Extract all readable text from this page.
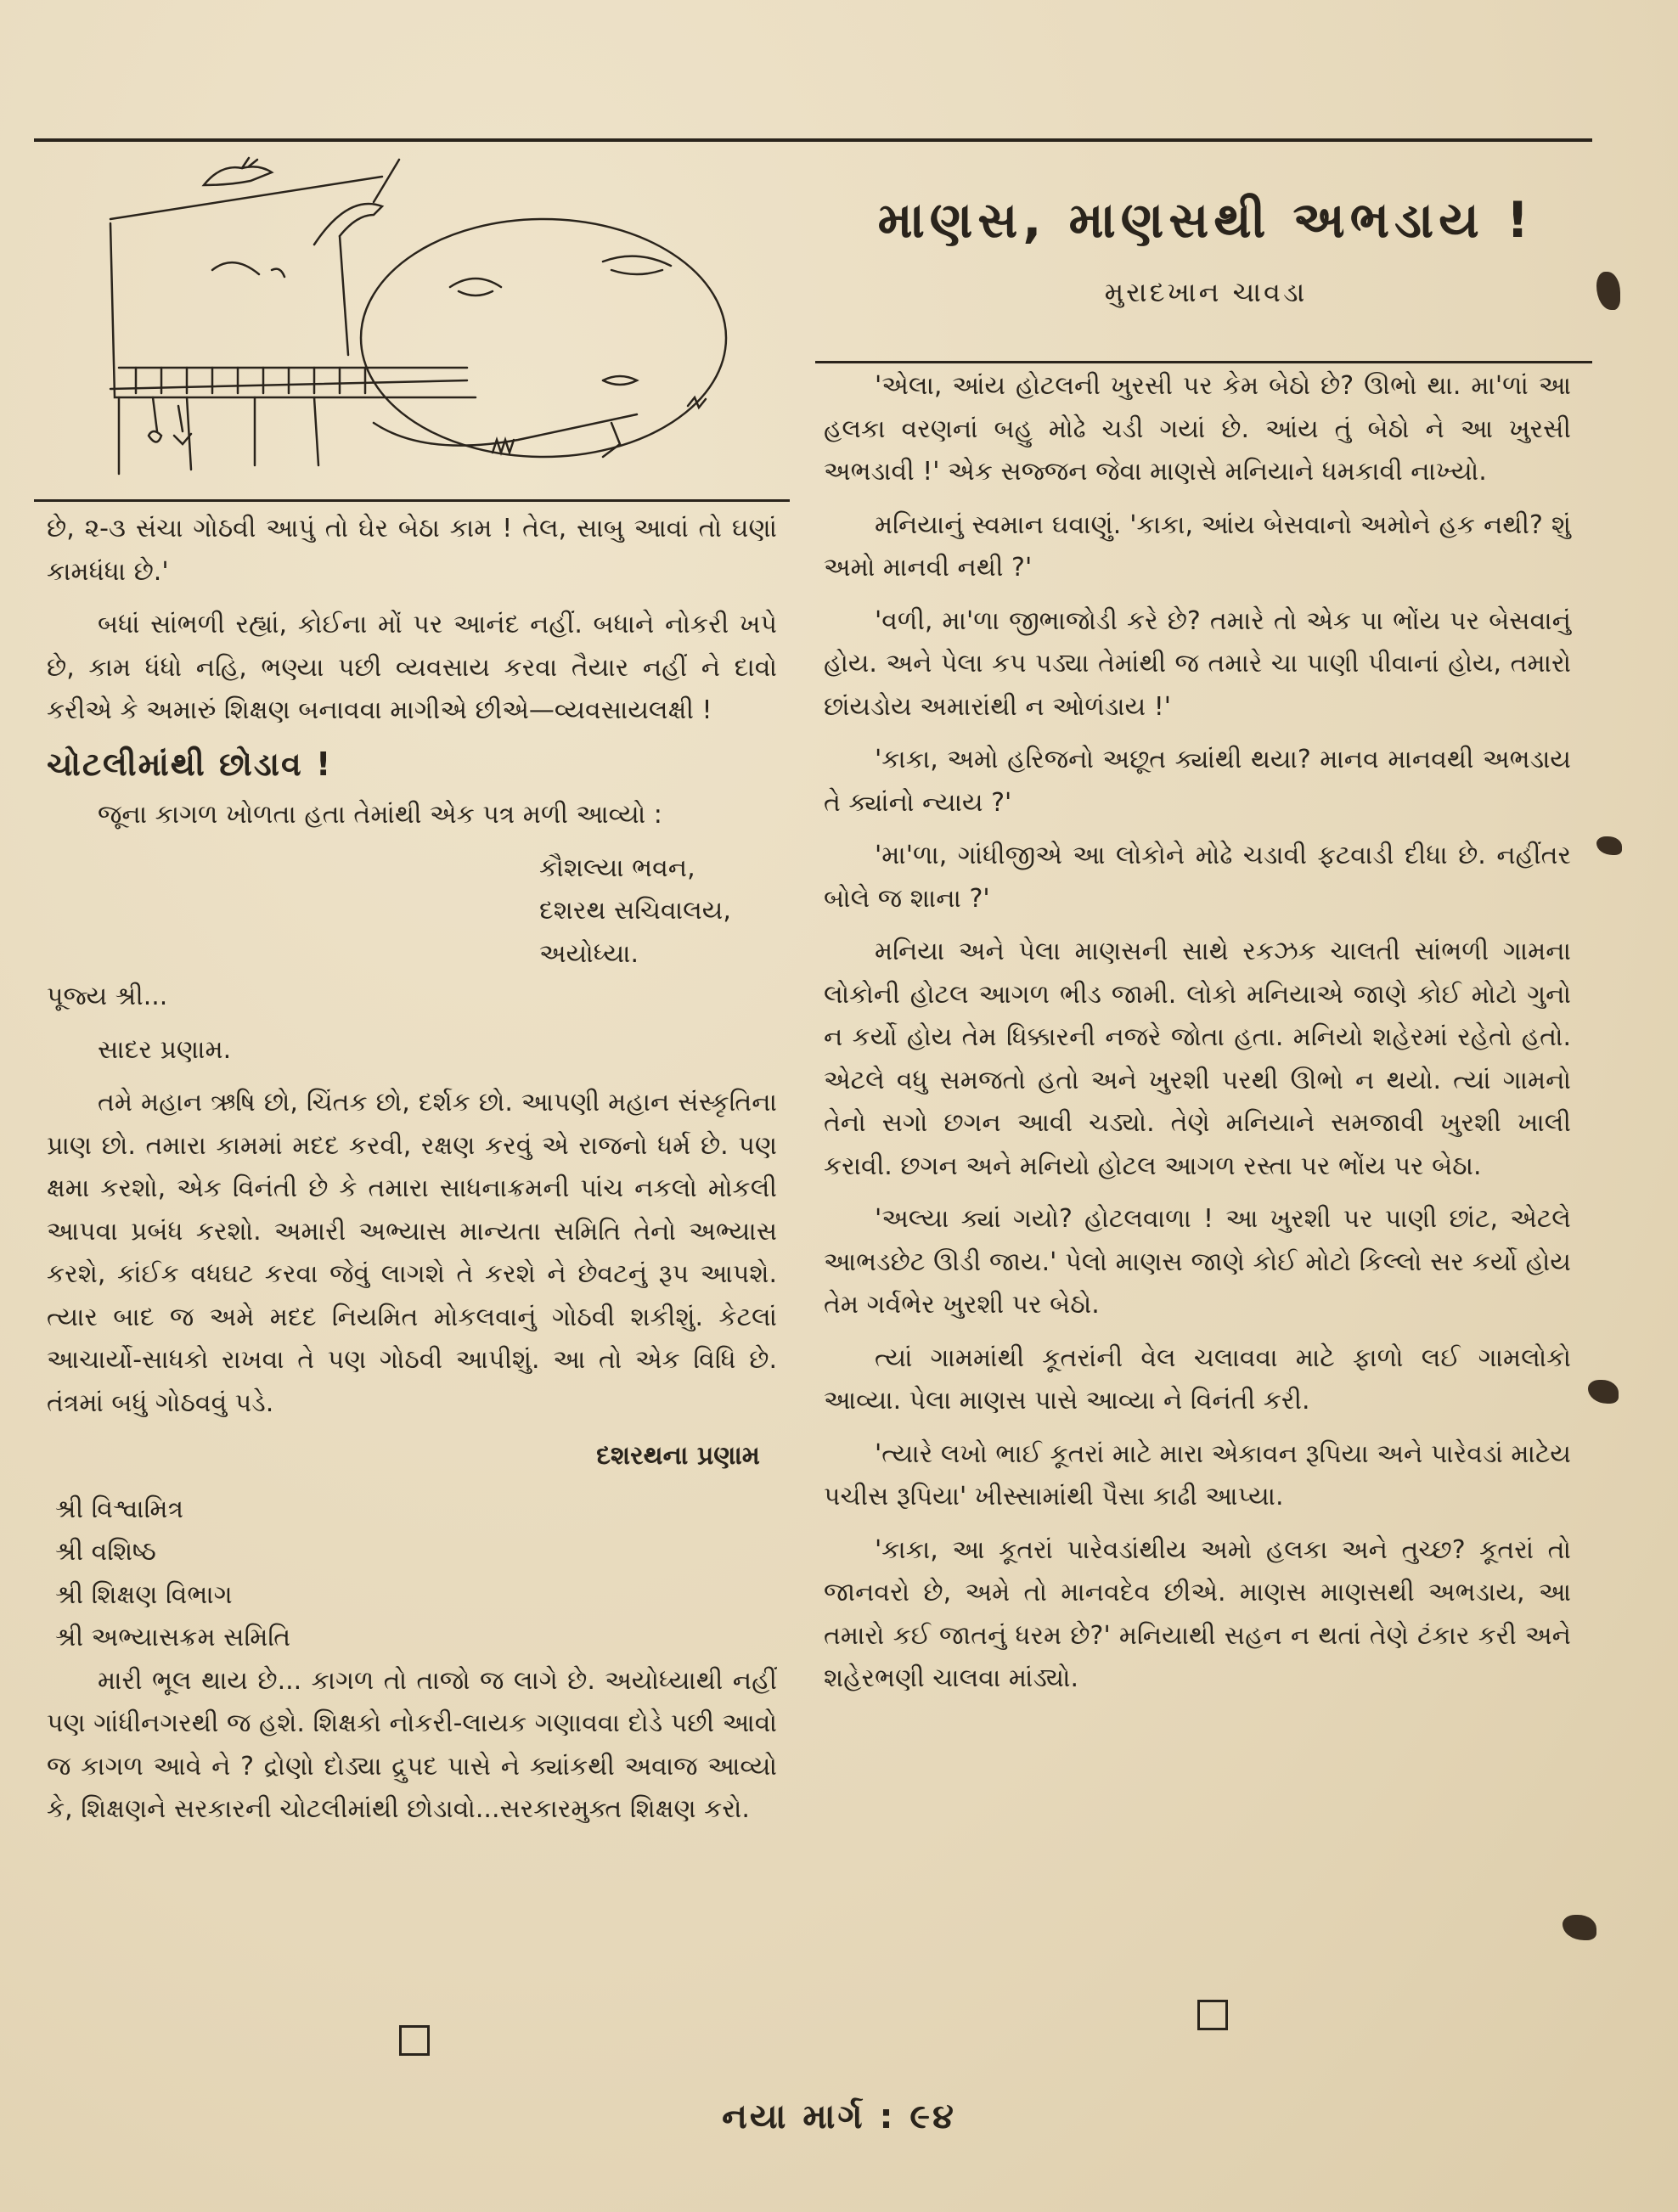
માણસ, માણસથી અભડાય !
મુરાદખાન ચાવડા

છે, ૨-૩ સંચા ગોઠવી આપું તો ઘેર બેઠા કામ ! તેલ, સાબુ આવાં તો ઘણાં કામધંધા છે.'

બધાં સાંભળી રહ્યાં, કોઈના મોં પર આનંદ નહીં. બધાને નોકરી ખપે છે, કામ ધંધો નહિ, ભણ્યા પછી વ્યવસાય કરવા તૈયાર નહીં ને દાવો કરીએ કે અમારું શિક્ષણ બનાવવા માગીએ છીએ—વ્યવસાયલક્ષી !

ચોટલીમાંથી છોડાવ !

જૂના કાગળ ખોળતા હતા તેમાંથી એક પત્ર મળી આવ્યો :

કૌશલ્યા ભવન,

દશરથ સચિવાલય,

અયોધ્યા.

પૂજ્ય શ્રી...

સાદર પ્રણામ.

તમે મહાન ઋષિ છો, ચિંતક છો, દર્શક છો. આપણી મહાન સંસ્કૃતિના પ્રાણ છો. તમારા કામમાં મદદ કરવી, રક્ષણ કરવું એ રાજનો ધર્મ છે. પણ ક્ષમા કરશો, એક વિનંતી છે કે તમારા સાધનાક્રમની પાંચ નકલો મોકલી આપવા પ્રબંધ કરશો. અમારી અભ્યાસ માન્યતા સમિતિ તેનો અભ્યાસ કરશે, કાંઈક વધઘટ કરવા જેવું લાગશે તે કરશે ને છેવટનું રૂપ આપશે. ત્યાર બાદ જ અમે મદદ નિયમિત મોકલવાનું ગોઠવી શકીશું. કેટલાં આચાર્યો-સાધકો રાખવા તે પણ ગોઠવી આપીશું. આ તો એક વિધિ છે. તંત્રમાં બધું ગોઠવવું પડે.

દશરથના પ્રણામ

શ્રી વિશ્વામિત્ર

શ્રી વશિષ્ઠ

શ્રી શિક્ષણ વિભાગ

શ્રી અભ્યાસક્રમ સમિતિ

મારી ભૂલ થાય છે... કાગળ તો તાજો જ લાગે છે. અયોધ્યાથી નહીં પણ ગાંધીનગરથી જ હશે. શિક્ષકો નોકરી-લાયક ગણાવવા દોડે પછી આવો જ કાગળ આવે ને ? દ્રોણો દોડ્યા દ્રુપદ પાસે ને ક્યાંકથી અવાજ આવ્યો કે, શિક્ષણને સરકારની ચોટલીમાંથી છોડાવો...સરકારમુક્ત શિક્ષણ કરો.

'એલા, આંય હોટલની ખુરસી પર કેમ બેઠો છે? ઊભો થા. મા'ળાં આ હલકા વરણનાં બહુ મોઢે ચડી ગયાં છે. આંય તું બેઠો ને આ ખુરસી અભડાવી !' એક સજ્જન જેવા માણસે મનિયાને ધમકાવી નાખ્યો.

મનિયાનું સ્વમાન ઘવાણું. 'કાકા, આંય બેસવાનો અમોને હક નથી? શું અમો માનવી નથી ?'

'વળી, મા'ળા જીભાજોડી કરે છે? તમારે તો એક પા ભોંય પર બેસવાનું હોય. અને પેલા કપ પડ્યા તેમાંથી જ તમારે ચા પાણી પીવાનાં હોય, તમારો છાંયડોય અમારાંથી ન ઓળંડાય !'

'કાકા, અમો હરિજનો અછૂત ક્યાંથી થયા? માનવ માનવથી અભડાય તે ક્યાંનો ન્યાય ?'

'મા'ળા, ગાંધીજીએ આ લોકોને મોઢે ચડાવી ફટવાડી દીધા છે. નહીંતર બોલે જ શાના ?'

મનિયા અને પેલા માણસની સાથે રકઝક ચાલતી સાંભળી ગામના લોકોની હોટલ આગળ ભીડ જામી. લોકો મનિયાએ જાણે કોઈ મોટો ગુનો ન કર્યો હોય તેમ ધિક્કારની નજરે જોતા હતા. મનિયો શહેરમાં રહેતો હતો. એટલે વધુ સમજતો હતો અને ખુરશી પરથી ઊભો ન થયો. ત્યાં ગામનો તેનો સગો છગન આવી ચડ્યો. તેણે મનિયાને સમજાવી ખુરશી ખાલી કરાવી. છગન અને મનિયો હોટલ આગળ રસ્તા પર ભોંય પર બેઠા.

'અલ્યા ક્યાં ગયો? હોટલવાળા ! આ ખુરશી પર પાણી છાંટ, એટલે આભડછેટ ઊડી જાય.' પેલો માણસ જાણે કોઈ મોટો કિલ્લો સર કર્યો હોય તેમ ગર્વભેર ખુરશી પર બેઠો.

ત્યાં ગામમાંથી કૂતરાંની વેલ ચલાવવા માટે ફાળો લઈ ગામલોકો આવ્યા. પેલા માણસ પાસે આવ્યા ને વિનંતી કરી.

'ત્યારે લખો ભાઈ કૂતરાં માટે મારા એકાવન રૂપિયા અને પારેવડાં માટેય પચીસ રૂપિયા' ખીસ્સામાંથી પૈસા કાઢી આપ્યા.

'કાકા, આ કૂતરાં પારેવડાંથીય અમો હલકા અને તુચ્છ? કૂતરાં તો જાનવરો છે, અમે તો માનવદેવ છીએ. માણસ માણસથી અભડાય, આ તમારો કઈ જાતનું ધરમ છે?' મનિયાથી સહન ન થતાં તેણે ટંકાર કરી અને શહેરભણી ચાલવા માંડ્યો.

નયા માર્ગ : ૯૪
